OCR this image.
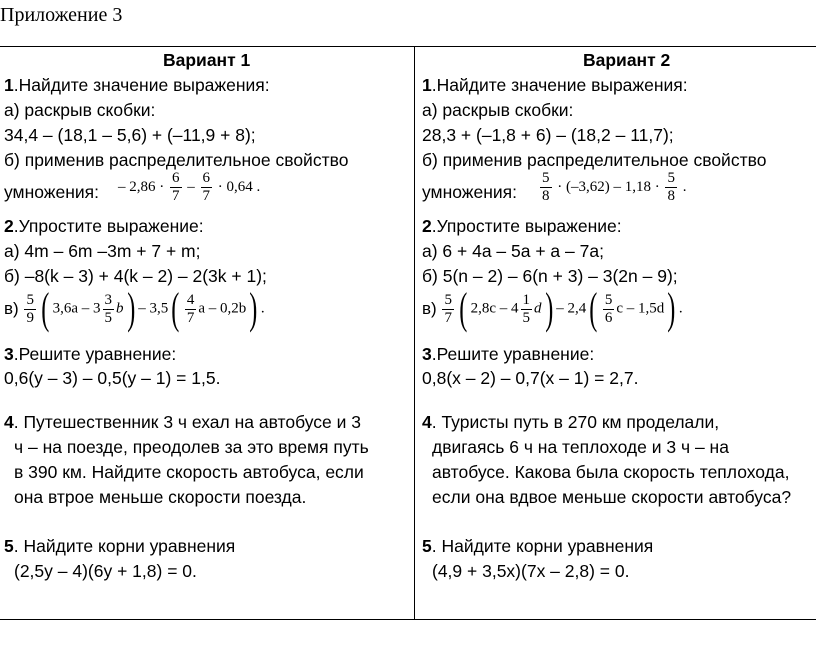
Приложение 3
Вариант 1
1.Найдите значение выражения:
а) раскрыв скобки:
34,4 – (18,1 – 5,6) + (–11,9 + 8);
б) применив распределительное свойство
умножения: – $2,86 \cdot \frac{6}{7} - \frac{6}{7} \cdot 0,64$ .
2.Упростите выражение:
а) 4m – 6m –3m + 7 + m;
б) –8(k – 3) + 4(k – 2) – 2(3k + 1);
$в) \frac{5}{9}$ ( $3,6a - 3 \frac{3}{5} b) - 3,5( \frac{4}{7}$ a – 0,2b) .
3.Решите уравнение:
0,6(y – 3) – 0,5(y – 1) = 1,5.
4. Путешественник 3 ч ехал на автобусе и 3
ч – на поезде, преодолев за это время путь
в 390 км. Найдите скорость автобуса, если
она втрое меньше скорости поезда.
5. Найдите корни уравнения
(2,5y – 4)(6y + 1,8) = 0.
Вариант 2
1.Найдите значение выражения:
а) раскрыв скобки:
28,3 + (–1,8 + 6) – (18,2 – 11,7);
б) применив распределительное свойство
умножения: $\frac{5}{8} \cdot (-3,62) - 1,18 \cdot \frac{5}{8}$ .
2.Упростите выражение:
а) 6 + 4a – 5a + a – 7a;
б) 5(n – 2) – 6(n + 3) – 3(2n – 9);
$в) \frac{5}{7}$ ( $2,8c - 4 \frac{1}{5} d) - 2,4( \frac{5}{6}$ c – 1,5d) .
3.Решите уравнение:
0,8(x – 2) – 0,7(x – 1) = 2,7.
4. Туристы путь в 270 км проделали,
двигаясь 6 ч на теплоходе и 3 ч – на
автобусе. Какова была скорость теплохода,
если она вдвое меньше скорости автобуса?
5. Найдите корни уравнения
(4,9 + 3,5x)(7x – 2,8) = 0.
